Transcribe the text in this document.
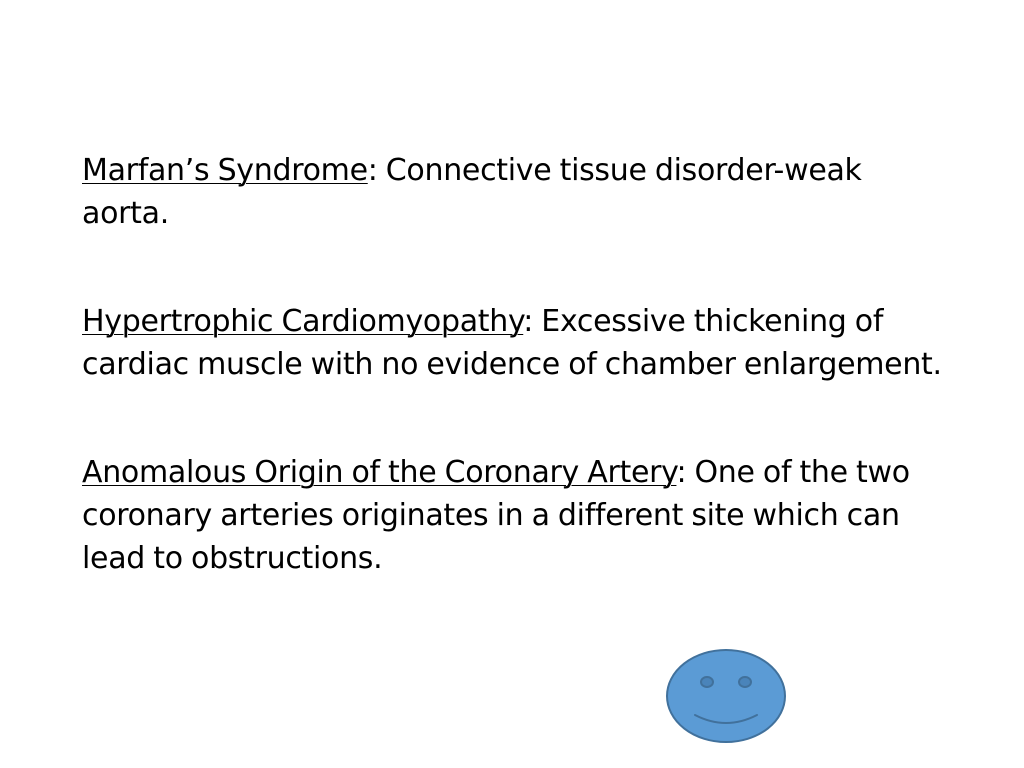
Marfan’s Syndrome: Connective tissue disorder-weak aorta.

Hypertrophic Cardiomyopathy: Excessive thickening of cardiac muscle with no evidence of chamber enlargement.

Anomalous Origin of the Coronary Artery: One of the two coronary arteries originates in a different site which can lead to obstructions.
